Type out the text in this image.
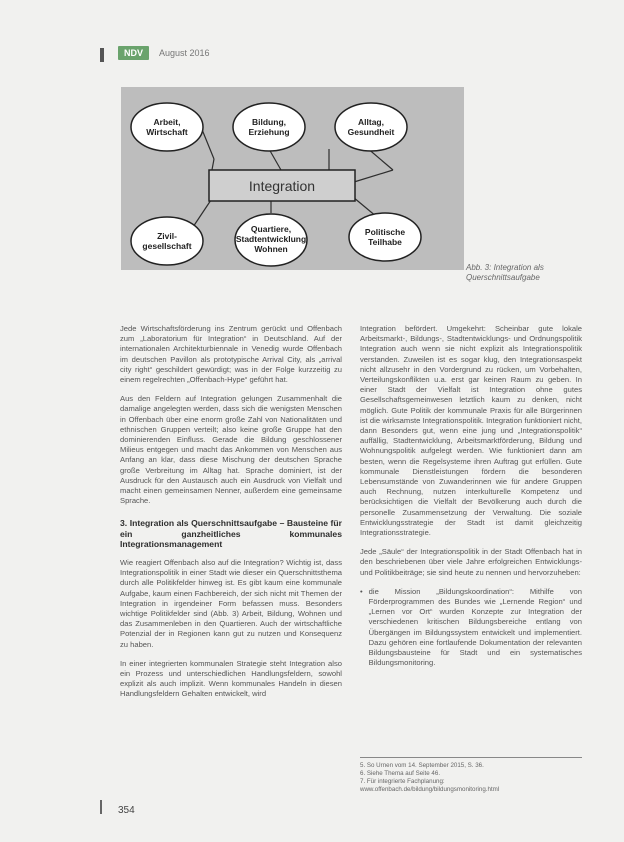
NDV	August 2016
Integration
Arbeit,
Wirtschaft
Bildung,
Erziehung
Alltag,
Gesundheit
Zivil-
gesellschaft
Quartiere,
Stadtentwicklung
Wohnen
Politische
Teilhabe
Abb. 3: Integration als Querschnittsaufgabe

Jede Wirtschaftsförderung ins Zentrum gerückt und Offenbach zum „Laboratorium für Integration“ in Deutschland. Auf der internationalen Architekturbiennale in Venedig wurde Offenbach im deutschen Pavillon als prototypische Arrival City, als „arrival city right“ geschildert gewürdigt; was in der Folge kurzzeitig zu einem regelrechten „Offenbach-Hype“ geführt hat.

Aus den Feldern auf Integration gelungen Zusammenhalt die damalige angelegten werden, dass sich die wenigsten Menschen in Offenbach über eine enorm große Zahl von Nationalitäten und ethnischen Gruppen verteilt; also keine große Gruppe hat den dominierenden Einfluss. Gerade die Bildung geschlossener Milieus entgegen und macht das Ankommen von Menschen aus Anfang an klar, dass diese Mischung der deutschen Sprache große Verbreitung im Alltag hat. Sprache dominiert, ist der Ausdruck für den Austausch auch ein Ausdruck von Vielfalt und macht einen gemeinsamen Nenner, außerdem eine gemeinsame Sprache.

3. Integration als Querschnittsaufgabe – Bausteine für ein ganzheitliches kommunales Integrationsmanagement

Wie reagiert Offenbach also auf die Integration? Wichtig ist, dass Integrationspolitik in einer Stadt wie dieser ein Querschnittsthema durch alle Politikfelder hinweg ist. Es gibt kaum eine kommunale Aufgabe, kaum einen Fachbereich, der sich nicht mit Themen der Integration in irgendeiner Form befassen muss. Besonders wichtige Politikfelder sind (Abb. 3) Arbeit, Bildung, Wohnen und das Zusammenleben in den Quartieren. Auch der wirtschaftliche Potenzial der in Regionen kann gut zu nutzen und Konsequenz zu haben.

In einer integrierten kommunalen Strategie steht Integration also ein Prozess und unterschiedlichen Handlungsfeldern, sowohl explizit als auch implizit. Wenn kommunales Handeln in diesen Handlungsfeldern Gehalten entwickelt, wird

Integration befördert. Umgekehrt: Scheinbar gute lokale Arbeitsmarkt-, Bildungs-, Stadtentwicklungs- und Ordnungspolitik Integration auch wenn sie nicht explizit als Integrationspolitik verstanden. Zuweilen ist es sogar klug, den Integrationsaspekt nicht allzusehr in den Vordergrund zu rücken, um Vorbehalten, Verteilungskonflikten u.a. erst gar keinen Raum zu geben. In einer Stadt der Vielfalt ist Integration ohne gutes Gesellschaftsgemeinwesen letztlich kaum zu denken, nicht möglich. Gute Politik der kommunale Praxis für alle Bürgerinnen ist die wirksamste Integrationspolitik. Integration funktioniert nicht, dann Besonders gut, wenn eine jung und „Integrationspolitik“ auffällig, Stadtentwicklung, Arbeitsmarktförderung, Bildung und Wohnungspolitik aufgelegt werden. Wie funktioniert dann am besten, wenn die Regelsysteme ihren Auftrag gut erfüllen. Gute kommunale Dienstleistungen fördern die besonderen Lebensumstände von Zuwanderinnen wie für andere Gruppen auch Rechnung, nutzen interkulturelle Kompetenz und berücksichtigen die Vielfalt der Bevölkerung auch durch die personelle Zusammensetzung der Verwaltung. Die soziale Entwicklungsstrategie der Stadt ist damit gleichzeitig Integrationsstrategie.

Jede „Säule“ der Integrationspolitik in der Stadt Offenbach hat in den beschriebenen über viele Jahre erfolgreichen Entwicklungs- und Politikbeiträge; sie sind heute zu nennen und hervorzuheben:

• die Mission „Bildungskoordination“: Mithilfe von Förderprogrammen des Bundes wie „Lernende Region“ und „Lernen vor Ort“ wurden Konzepte zur Integration der verschiedenen kritischen Bildungsbereiche entlang von Übergängen im Bildungssystem entwickelt und implementiert. Dazu gehören eine fortlaufende Dokumentation der relevanten Bildungsbausteine für Stadt und ein systematisches Bildungsmonitoring.
5. So Urnen vom 14. September 2015, S. 36.
6. Siehe Thema auf Seite 46.
7. Für integrierte Fachplanung: www.offenbach.de/bildung/bildungsmonitoring.html
354
